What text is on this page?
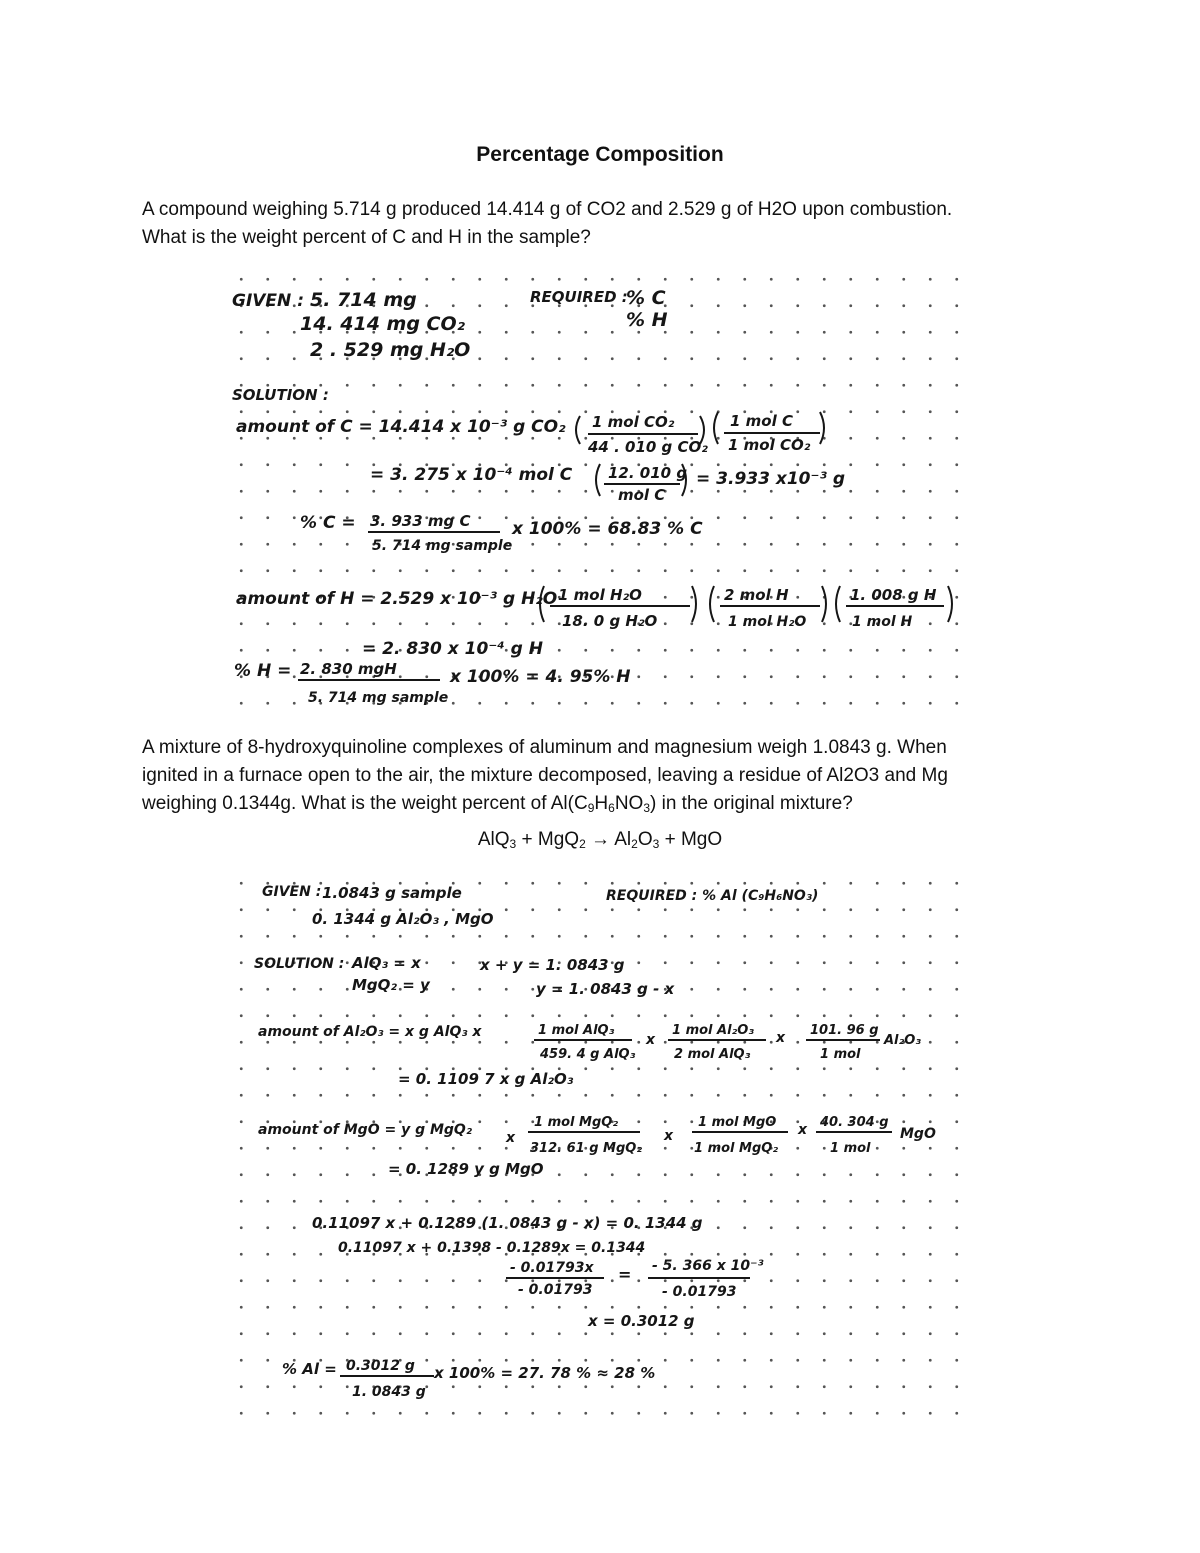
Percentage Composition
A compound weighing 5.714 g produced 14.414 g of CO2 and 2.529 g of H2O upon combustion.
What is the weight percent of C and H in the sample?
GIVEN : 5. 714 mg
14. 414 mg CO₂
2 . 529 mg H₂O
REQUIRED :
% C
% H
SOLUTION :
amount of C = 14.414 x 10⁻³ g CO₂ 1 mol CO₂
44 . 010 g CO₂
1 mol C
1 mol CO₂
= 3. 275 x 10⁻⁴ mol C 12. 010 g
mol C
= 3.933 x10⁻³ g
% C = 3. 933 mg C
5. 714 mg sample
x 100% = 68.83 % C
amount of H = 2.529 x 10⁻³ g H₂O 1 mol H₂O
18. 0 g H₂O
2 mol H
1 mol H₂O
1. 008 g H
1 mol H
= 2. 830 x 10⁻⁴ g H
% H = 2. 830 mgH
5. 714 mg sample
x 100% = 4. 95% H
A mixture of 8-hydroxyquinoline complexes of aluminum and magnesium weigh 1.0843 g. When
ignited in a furnace open to the air, the mixture decomposed, leaving a residue of Al2O3 and Mg
weighing 0.1344g. What is the weight percent of $Al(C_9H_6NO_3)$ in the original mixture?
$AlQ_3 + MgQ_2 \to Al_2O_3$ + MgO
GIVEN : 1.0843 g sample
0. 1344 g Al₂O₃ , MgO
REQUIRED : % Al (C₉H₆NO₃)
SOLUTION : AlQ₃ = x
MgQ₂ = y
x + y = 1. 0843 g
y = 1. 0843 g - x
amount of Al₂O₃ = x g AlQ₃ x	1 mol AlQ₃
459. 4 g AlQ₃
x
1 mol Al₂O₃
2 mol AlQ₃
x 101. 96 g
1 mol
Al₂O₃
= 0. 1109 7 x g Al₂O₃
amount of MgO = y g MgQ₂ x
1 mol MgQ₂
312. 61 g MgQ₂
x
1 mol MgO
1 mol MgQ₂
x 40. 304 g
1 mol
MgO
= 0. 1289 y g MgO
0.11097 x + 0.1289 (1. 0843 g - x) = 0. 1344 g
0.11097 x + 0.1398 - 0.1289x = 0.1344
- 0.01793x
- 0.01793
= - 5. 366 x 10⁻³
- 0.01793
x = 0.3012 g
% Al = 0.3012 g
1. 0843 g
x 100% = 27. 78 % ≈ 28 %
